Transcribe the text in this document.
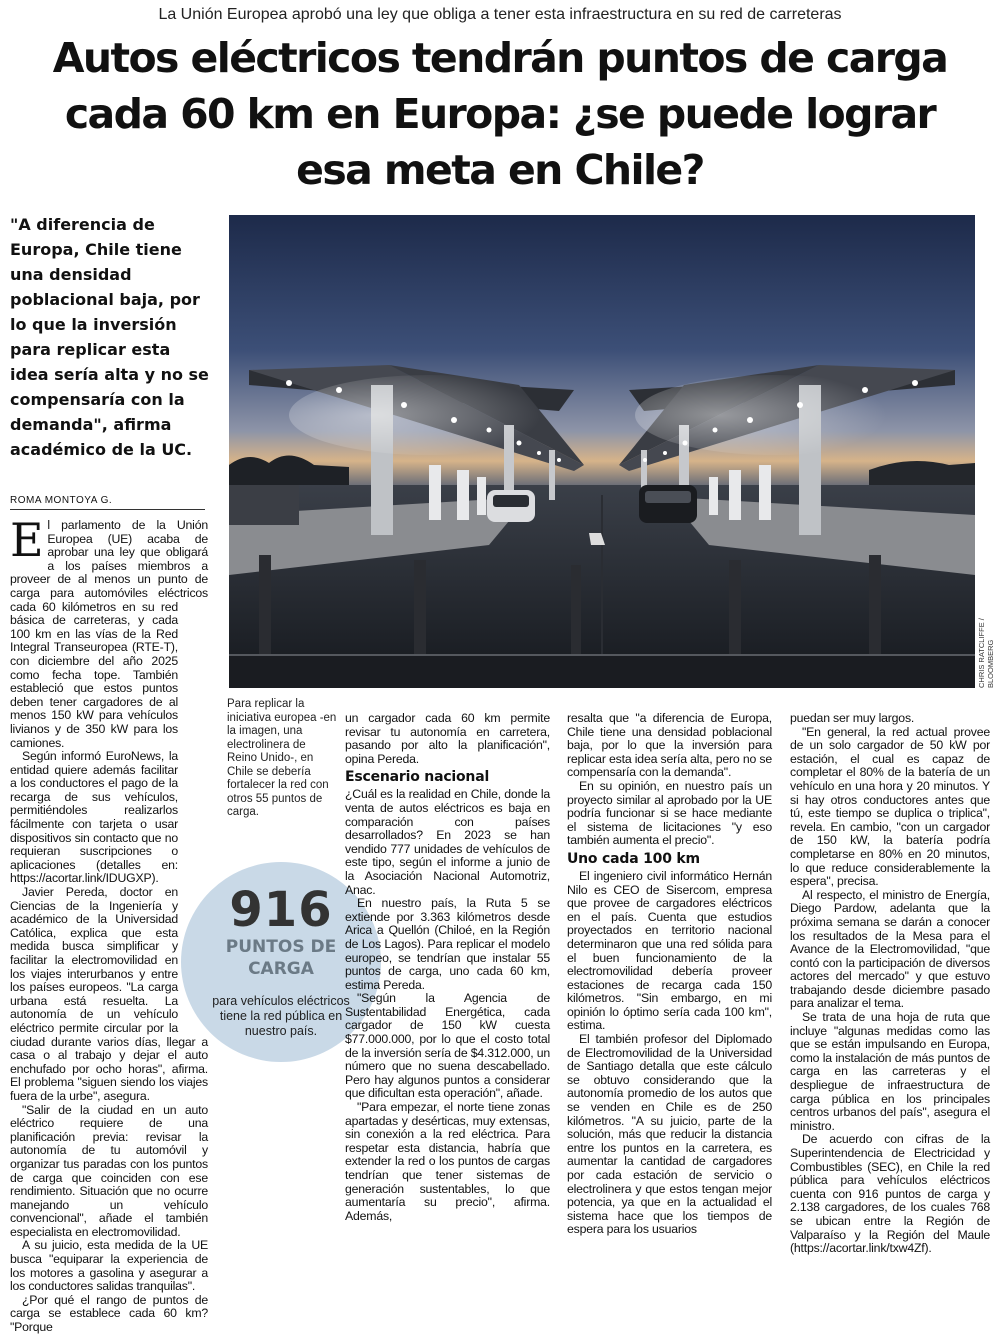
La Unión Europea aprobó una ley que obliga a tener esta infraestructura en su red de carreteras
Autos eléctricos tendrán puntos de carga
cada 60 km en Europa: ¿se puede lograr
esa meta en Chile?

"A diferencia de Europa, Chile tiene una densidad poblacional baja, por lo que la inversión para replicar esta idea sería alta y no se compensaría con la demanda", afirma académico de la UC.

ROMA MONTOYA G.
CHRIS RATCLIFFE / BLOOMBERG

Para replicar la iniciativa europea -en la imagen, una electrolinera de Reino Unido-, en Chile se debería fortalecer la red con otros 55 puntos de carga.

El parlamento de la Unión Europea (UE) acaba de aprobar una ley que obligará a los países miembros a proveer de al menos un punto de carga para automóviles eléctricos cada 60 kilómetros en su red básica de carreteras, y cada 100 km en las vías de la Red Integral Transeuropea (RTE-T), con diciembre del año 2025 como fecha tope. También estableció que estos puntos deben tener cargadores de al menos 150 kW para vehículos livianos y de 350 kW para los camiones.

Según informó EuroNews, la entidad quiere además facilitar a los conductores el pago de la recarga de sus vehículos, permitiéndoles realizarlos fácilmente con tarjeta o usar dispositivos sin contacto que no requieran suscripciones o aplicaciones (detalles en: https://acortar.link/IDUGXP).

Javier Pereda, doctor en Ciencias de la Ingeniería y académico de la Universidad Católica, explica que esta medida busca simplificar y facilitar la electromovilidad en los viajes interurbanos y entre los países europeos. "La carga urbana está resuelta. La autonomía de un vehículo eléctrico permite circular por la ciudad durante varios días, llegar a casa o al trabajo y dejar el auto enchufado por ocho horas", afirma. El problema "siguen siendo los viajes fuera de la urbe", asegura.

"Salir de la ciudad en un auto eléctrico requiere de una planificación previa: revisar la autonomía de tu automóvil y organizar tus paradas con los puntos de carga que coinciden con ese rendimiento. Situación que no ocurre manejando un vehículo convencional", añade el también especialista en electromovilidad.

A su juicio, esta medida de la UE busca "equiparar la experiencia de los motores a gasolina y asegurar a los conductores salidas tranquilas".

¿Por qué el rango de puntos de carga se establece cada 60 km? "Porque

916
PUNTOS DE CARGA
para vehículos eléctricos tiene la red pública en nuestro país.

un cargador cada 60 km permite revisar tu autonomía en carretera, pasando por alto la planificación", opina Pereda.

Escenario nacional

¿Cuál es la realidad en Chile, donde la venta de autos eléctricos es baja en comparación con países desarrollados? En 2023 se han vendido 777 unidades de vehículos de este tipo, según el informe a junio de la Asociación Nacional Automotriz, Anac.

En nuestro país, la Ruta 5 se extiende por 3.363 kilómetros desde Arica a Quellón (Chiloé, en la Región de Los Lagos). Para replicar el modelo europeo, se tendrían que instalar 55 puntos de carga, uno cada 60 km, estima Pereda.

"Según la Agencia de Sustentabilidad Energética, cada cargador de 150 kW cuesta $77.000.000, por lo que el costo total de la inversión sería de $4.312.000, un número que no suena descabellado. Pero hay algunos puntos a considerar que dificultan esta operación", añade.

"Para empezar, el norte tiene zonas apartadas y desérticas, muy extensas, sin conexión a la red eléctrica. Para respetar esta distancia, habría que extender la red o los puntos de cargas tendrían que tener sistemas de generación sustentables, lo que aumentaría su precio", afirma. Además,

resalta que "a diferencia de Europa, Chile tiene una densidad poblacional baja, por lo que la inversión para replicar esta idea sería alta, pero no se compensaría con la demanda".

En su opinión, en nuestro país un proyecto similar al aprobado por la UE podría funcionar si se hace mediante el sistema de licitaciones "y eso también aumenta el precio".

Uno cada 100 km

El ingeniero civil informático Hernán Nilo es CEO de Sisercom, empresa que provee de cargadores eléctricos en el país. Cuenta que estudios proyectados en territorio nacional determinaron que una red sólida para el buen funcionamiento de la electromovilidad debería proveer estaciones de recarga cada 150 kilómetros. "Sin embargo, en mi opinión lo óptimo sería cada 100 km", estima.

El también profesor del Diplomado de Electromovilidad de la Universidad de Santiago detalla que este cálculo se obtuvo considerando que la autonomía promedio de los autos que se venden en Chile es de 250 kilómetros. "A su juicio, parte de la solución, más que reducir la distancia entre los puntos en la carretera, es aumentar la cantidad de cargadores por cada estación de servicio o electrolinera y que estos tengan mejor potencia, ya que en la actualidad el sistema hace que los tiempos de espera para los usuarios

puedan ser muy largos.

"En general, la red actual provee de un solo cargador de 50 kW por estación, el cual es capaz de completar el 80% de la batería de un vehículo en una hora y 20 minutos. Y si hay otros conductores antes que tú, este tiempo se duplica o triplica", revela. En cambio, "con un cargador de 150 kW, la batería podría completarse en 80% en 20 minutos, lo que reduce considerablemente la espera", precisa.

Al respecto, el ministro de Energía, Diego Pardow, adelanta que la próxima semana se darán a conocer los resultados de la Mesa para el Avance de la Electromovilidad, "que contó con la participación de diversos actores del mercado" y que estuvo trabajando desde diciembre pasado para analizar el tema.

Se trata de una hoja de ruta que incluye "algunas medidas como las que se están impulsando en Europa, como la instalación de más puntos de carga en las carreteras y el despliegue de infraestructura de carga pública en los principales centros urbanos del país", asegura el ministro.

De acuerdo con cifras de la Superintendencia de Electricidad y Combustibles (SEC), en Chile la red pública para vehículos eléctricos cuenta con 916 puntos de carga y 2.138 cargadores, de los cuales 768 se ubican entre la Región de Valparaíso y la Región del Maule (https://acortar.link/txw4Zf).
